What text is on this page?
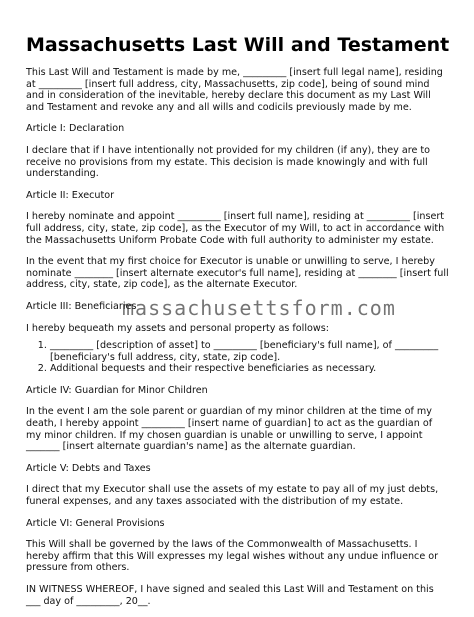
Massachusetts Last Will and Testament

This Last Will and Testament is made by me, _________ [insert full legal name], residing at _________ [insert full address, city, Massachusetts, zip code], being of sound mind and in consideration of the inevitable, hereby declare this document as my Last Will and Testament and revoke any and all wills and codicils previously made by me.

Article I: Declaration

I declare that if I have intentionally not provided for my children (if any), they are to receive no provisions from my estate. This decision is made knowingly and with full understanding.

Article II: Executor

I hereby nominate and appoint _________ [insert full name], residing at _________ [insert full address, city, state, zip code], as the Executor of my Will, to act in accordance with the Massachusetts Uniform Probate Code with full authority to administer my estate.

In the event that my first choice for Executor is unable or unwilling to serve, I hereby nominate ________ [insert alternate executor's full name], residing at ________ [insert full address, city, state, zip code], as the alternate Executor.

Article III: Beneficiaries

I hereby bequeath my assets and personal property as follows:

1. _________ [description of asset] to _________ [beneficiary's full name], of _________ [beneficiary's full address, city, state, zip code].
2. Additional bequests and their respective beneficiaries as necessary.

Article IV: Guardian for Minor Children

In the event I am the sole parent or guardian of my minor children at the time of my death, I hereby appoint _________ [insert name of guardian] to act as the guardian of my minor children. If my chosen guardian is unable or unwilling to serve, I appoint _______ [insert alternate guardian's name] as the alternate guardian.

Article V: Debts and Taxes

I direct that my Executor shall use the assets of my estate to pay all of my just debts, funeral expenses, and any taxes associated with the distribution of my estate.

Article VI: General Provisions

This Will shall be governed by the laws of the Commonwealth of Massachusetts. I hereby affirm that this Will expresses my legal wishes without any undue influence or pressure from others.

IN WITNESS WHEREOF, I have signed and sealed this Last Will and Testament on this ___ day of _________, 20__.

massachusettsform.com
